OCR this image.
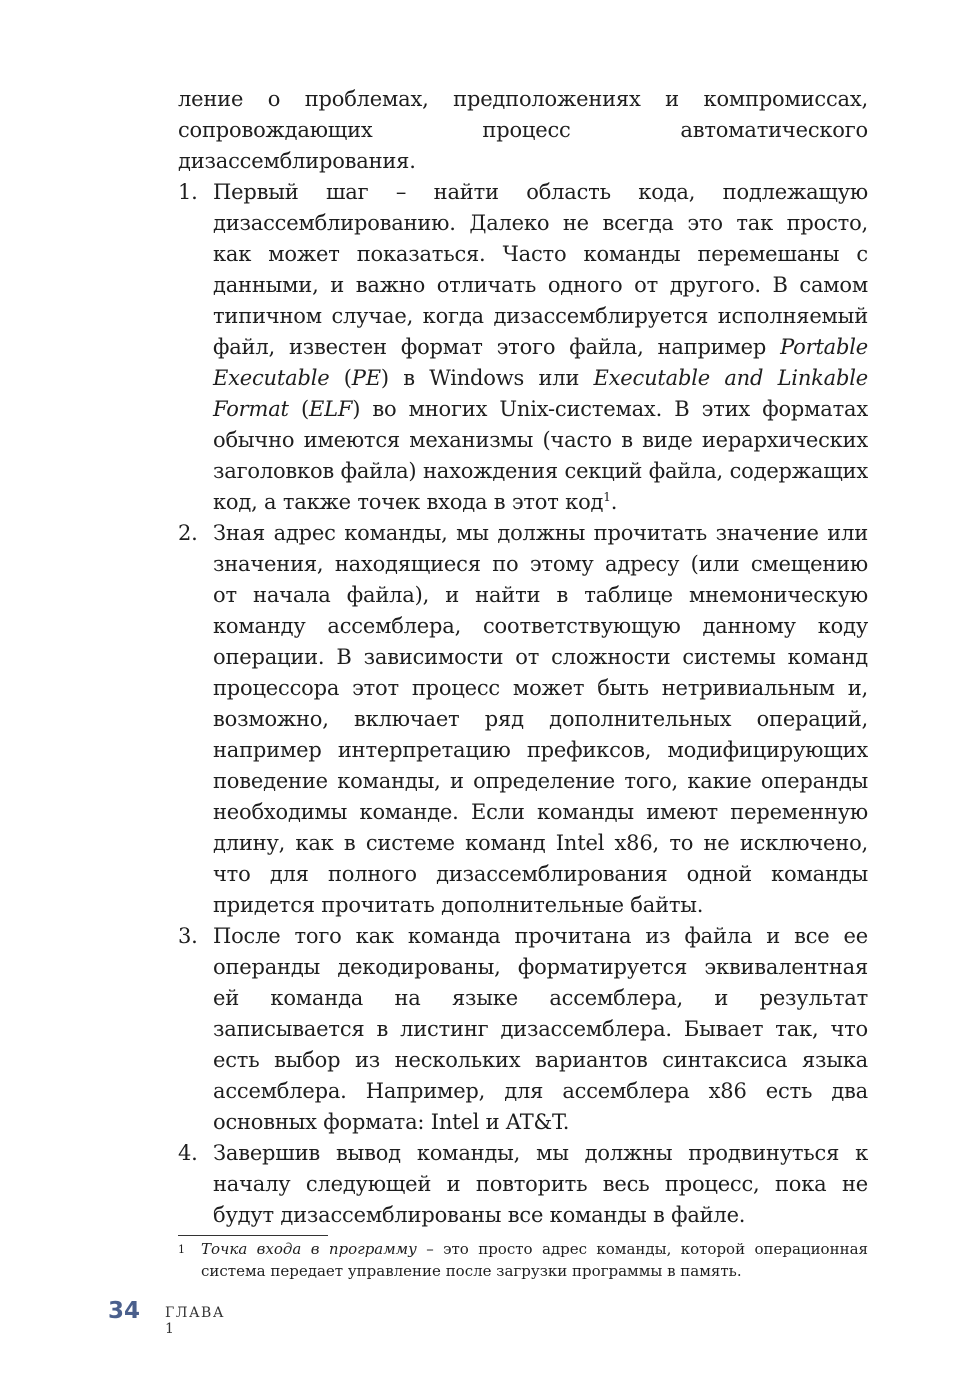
ление о проблемах, предположениях и компромиссах, сопровождающих процесс автоматического дизассемблирования.

1. Первый шаг – найти область кода, подлежащую дизассемблированию. Далеко не всегда это так просто, как может показаться. Часто команды перемешаны с данными, и важно отличать одного от другого. В самом типичном случае, когда дизассемблируется исполняемый файл, известен формат этого файла, например Portable Executable (PE) в Windows или Executable and Linkable Format (ELF) во многих Unix-системах. В этих форматах обычно имеются механизмы (часто в виде иерархических заголовков файла) нахождения секций файла, содержащих код, а также точек входа в этот код$^1$.
2. Зная адрес команды, мы должны прочитать значение или значения, находящиеся по этому адресу (или смещению от начала файла), и найти в таблице мнемоническую команду ассемблера, соответствующую данному коду операции. В зависимости от сложности системы команд процессора этот процесс может быть нетривиальным и, возможно, включает ряд дополнительных операций, например интерпретацию префиксов, модифицирующих поведение команды, и определение того, какие операнды необходимы команде. Если команды имеют переменную длину, как в системе команд Intel x86, то не исключено, что для полного дизассемблирования одной команды придется прочитать дополнительные байты.
3. После того как команда прочитана из файла и все ее операнды декодированы, форматируется эквивалентная ей команда на языке ассемблера, и результат записывается в листинг дизассемблера. Бывает так, что есть выбор из нескольких вариантов синтаксиса языка ассемблера. Например, для ассемблера x86 есть два основных формата: Intel и AT&T.
4. Завершив вывод команды, мы должны продвинуться к началу следующей и повторить весь процесс, пока не будут дизассемблированы все команды в файле.
1	Точка входа в программу – это просто адрес команды, которой операционная система передает управление после загрузки программы в память.
34 ГЛАВА 1
